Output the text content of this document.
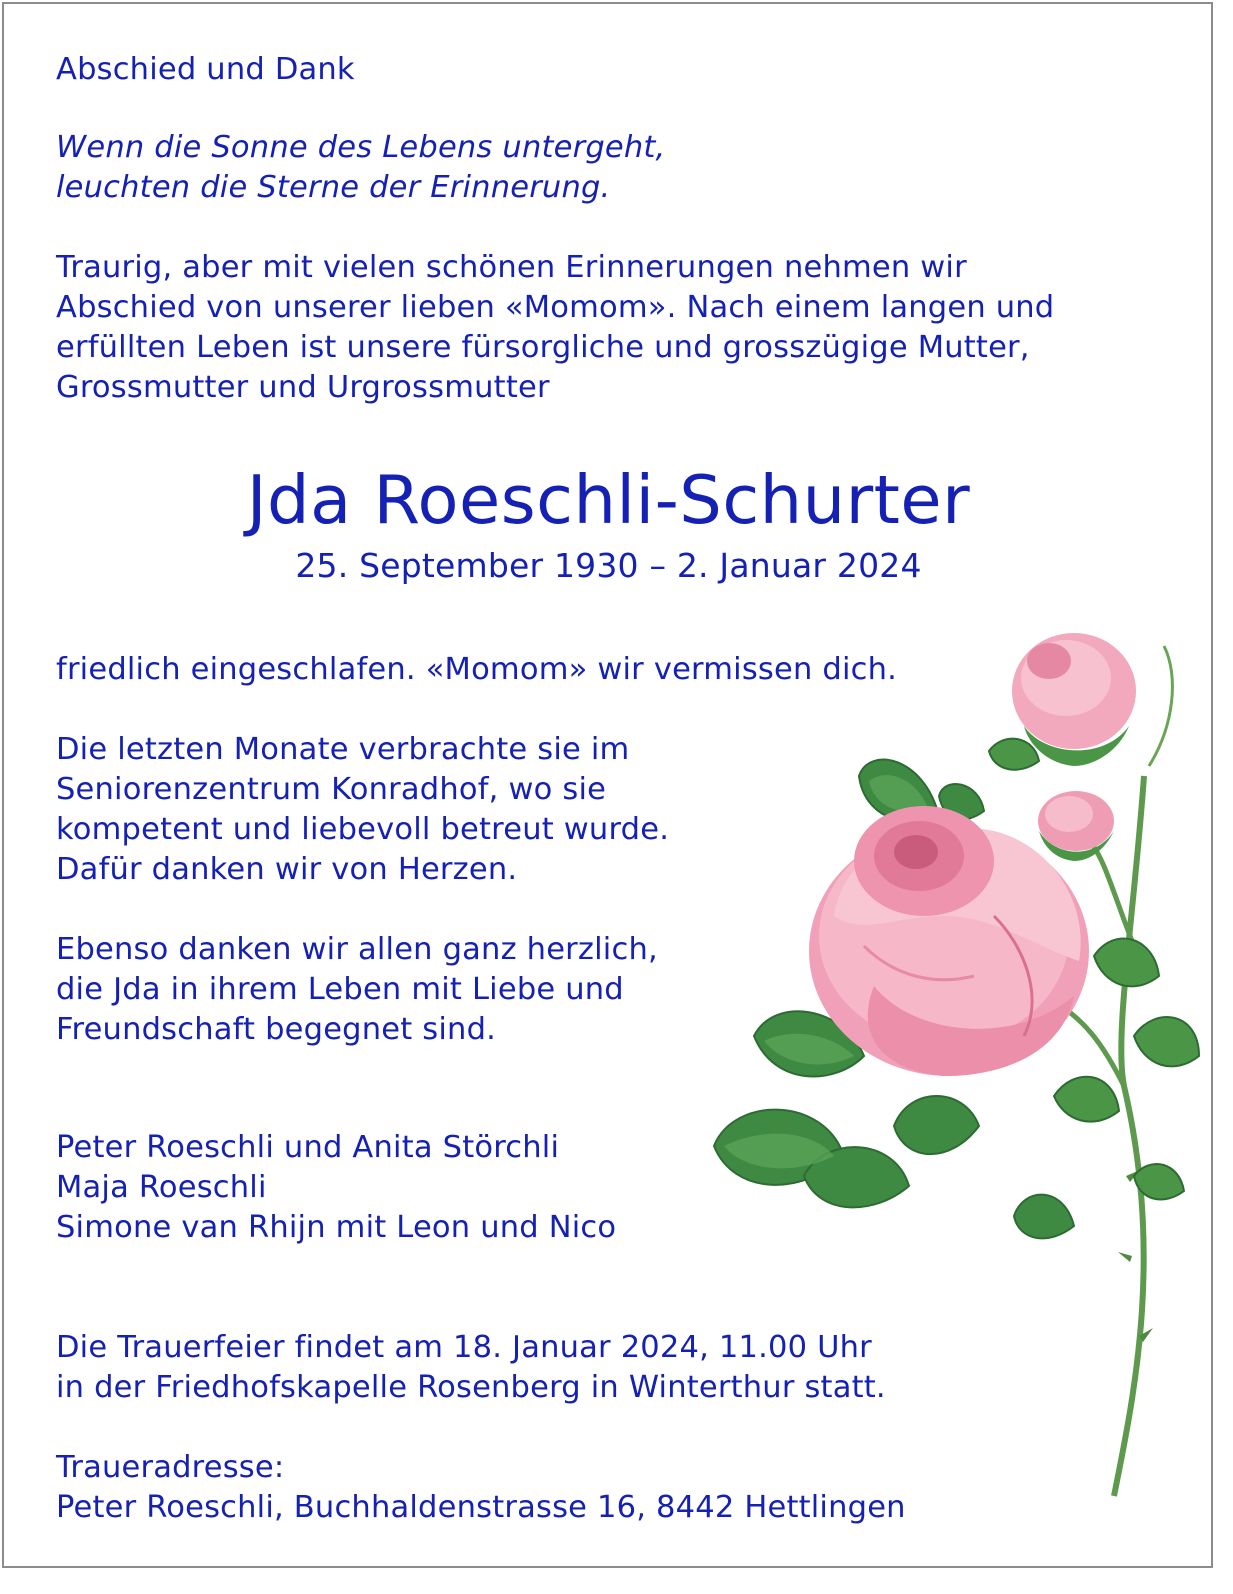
Abschied und Dank
Wenn die Sonne des Lebens untergeht,
leuchten die Sterne der Erinnerung.
Traurig, aber mit vielen schönen Erinnerungen nehmen wir
Abschied von unserer lieben «Momom». Nach einem langen und
erfüllten Leben ist unsere fürsorgliche und grosszügige Mutter,
Grossmutter und Urgrossmutter
Jda Roeschli-Schurter
25. September 1930 – 2. Januar 2024
friedlich eingeschlafen. «Momom» wir vermissen dich.
Die letzten Monate verbrachte sie im
Seniorenzentrum Konradhof, wo sie
kompetent und liebevoll betreut wurde.
Dafür danken wir von Herzen.
Ebenso danken wir allen ganz herzlich,
die Jda in ihrem Leben mit Liebe und
Freundschaft begegnet sind.
Peter Roeschli und Anita Störchli
Maja Roeschli
Simone van Rhijn mit Leon und Nico
Die Trauerfeier findet am 18. Januar 2024, 11.00 Uhr
in der Friedhofskapelle Rosenberg in Winterthur statt.
Traueradresse:
Peter Roeschli, Buchhaldenstrasse 16, 8442 Hettlingen
